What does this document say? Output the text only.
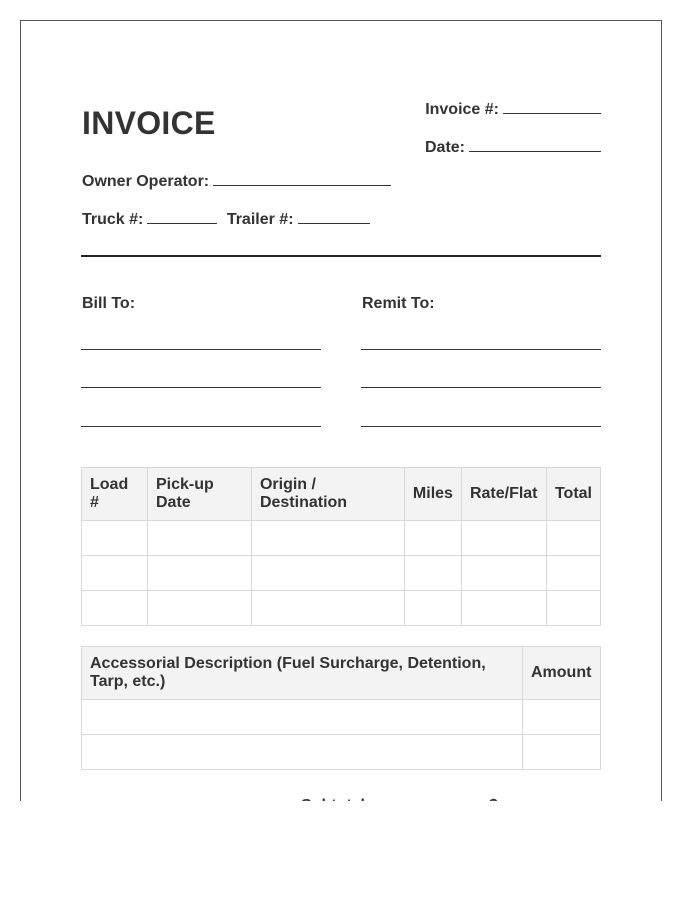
INVOICE	Invoice #:
Date:
Owner Operator:
Truck #:	Trailer #:
Bill To:	Remit To:
Load #	Pick-up Date	Origin / Destination	Miles	Rate/Flat	Total

Accessorial Description (Fuel Surcharge, Detention, Tarp, etc.)	Amount
